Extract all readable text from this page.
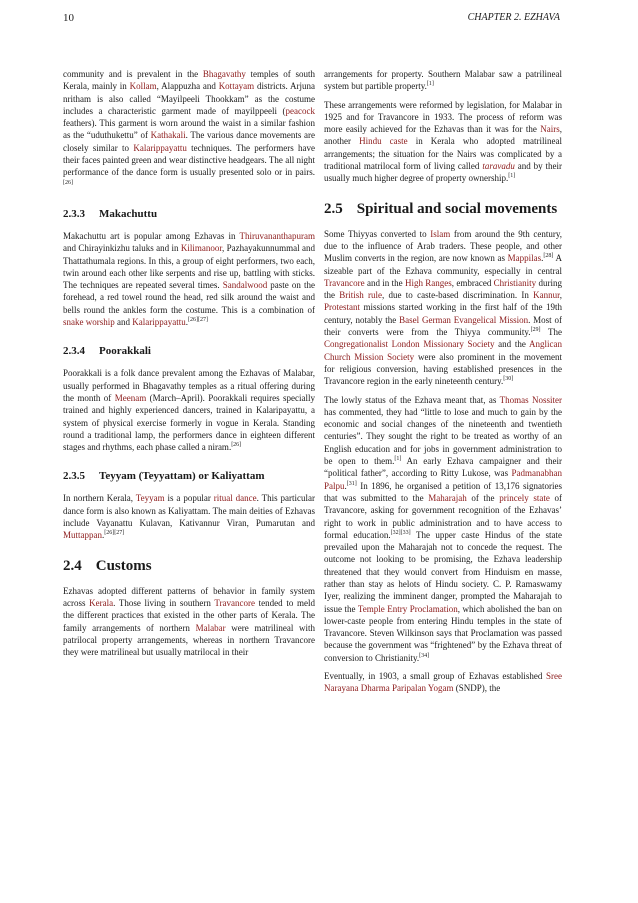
10	CHAPTER 2. EZHAVA

community and is prevalent in the Bhagavathy temples of south Kerala, mainly in Kollam, Alappuzha and Kottayam districts. Arjuna nritham is also called “Mayilpeeli Thookkam” as the costume includes a characteristic garment made of mayilppeeli (peacock feathers). This garment is worn around the waist in a similar fashion as the “uduthukettu” of Kathakali. The various dance movements are closely similar to Kalarippayattu techniques. The performers have their faces painted green and wear distinctive headgears. The all night performance of the dance form is usually presented solo or in pairs.[26]

2.3.3 Makachuttu

Makachuttu art is popular among Ezhavas in Thiruvananthapuram and Chirayinkizhu taluks and in Kilimanoor, Pazhayakunnummal and Thattathumala regions. In this, a group of eight performers, two each, twin around each other like serpents and rise up, battling with sticks. The techniques are repeated several times. Sandalwood paste on the forehead, a red towel round the head, red silk around the waist and bells round the ankles form the costume. This is a combination of snake worship and Kalarippayattu.[26][27]

2.3.4 Poorakkali

Poorakkali is a folk dance prevalent among the Ezhavas of Malabar, usually performed in Bhagavathy temples as a ritual offering during the month of Meenam (March–April). Poorakkali requires specially trained and highly experienced dancers, trained in Kalaripayattu, a system of physical exercise formerly in vogue in Kerala. Standing round a traditional lamp, the performers dance in eighteen different stages and rhythms, each phase called a niram.[26]

2.3.5 Teyyam (Teyyattam) or Kaliyattam

In northern Kerala, Teyyam is a popular ritual dance. This particular dance form is also known as Kaliyattam. The main deities of Ezhavas include Vayanattu Kulavan, Kativannur Viran, Pumarutan and Muttappan.[26][27]

2.4 Customs

Ezhavas adopted different patterns of behavior in family system across Kerala. Those living in southern Travancore tended to meld the different practices that existed in the other parts of Kerala. The family arrangements of northern Malabar were matrilineal with patrilocal property arrangements, whereas in northern Travancore they were matrilineal but usually matrilocal in their

arrangements for property. Southern Malabar saw a patrilineal system but partible property.[1]

These arrangements were reformed by legislation, for Malabar in 1925 and for Travancore in 1933. The process of reform was more easily achieved for the Ezhavas than it was for the Nairs, another Hindu caste in Kerala who adopted matrilineal arrangements; the situation for the Nairs was complicated by a traditional matrilocal form of living called taravadu and by their usually much higher degree of property ownership.[1]

2.5 Spiritual and social movements

Some Thiyyas converted to Islam from around the 9th century, due to the influence of Arab traders. These people, and other Muslim converts in the region, are now known as Mappilas.[28] A sizeable part of the Ezhava community, especially in central Travancore and in the High Ranges, embraced Christianity during the British rule, due to caste-based discrimination. In Kannur, Protestant missions started working in the first half of the 19th century, notably the Basel German Evangelical Mission. Most of their converts were from the Thiyya community.[29] The Congregationalist London Missionary Society and the Anglican Church Mission Society were also prominent in the movement for religious conversion, having established presences in the Travancore region in the early nineteenth century.[30]

The lowly status of the Ezhava meant that, as Thomas Nossiter has commented, they had “little to lose and much to gain by the economic and social changes of the nineteenth and twentieth centuries”. They sought the right to be treated as worthy of an English education and for jobs in government administration to be open to them.[1] An early Ezhava campaigner and their “political father”, according to Ritty Lukose, was Padmanabhan Palpu.[31] In 1896, he organised a petition of 13,176 signatories that was submitted to the Maharajah of the princely state of Travancore, asking for government recognition of the Ezhavas’ right to work in public administration and to have access to formal education.[32][33] The upper caste Hindus of the state prevailed upon the Maharajah not to concede the request. The outcome not looking to be promising, the Ezhava leadership threatened that they would convert from Hinduism en masse, rather than stay as helots of Hindu society. C. P. Ramaswamy Iyer, realizing the imminent danger, prompted the Maharajah to issue the Temple Entry Proclamation, which abolished the ban on lower-caste people from entering Hindu temples in the state of Travancore. Steven Wilkinson says that Proclamation was passed because the government was “frightened” by the Ezhava threat of conversion to Christianity.[34]

Eventually, in 1903, a small group of Ezhavas established Sree Narayana Dharma Paripalan Yogam (SNDP), the
